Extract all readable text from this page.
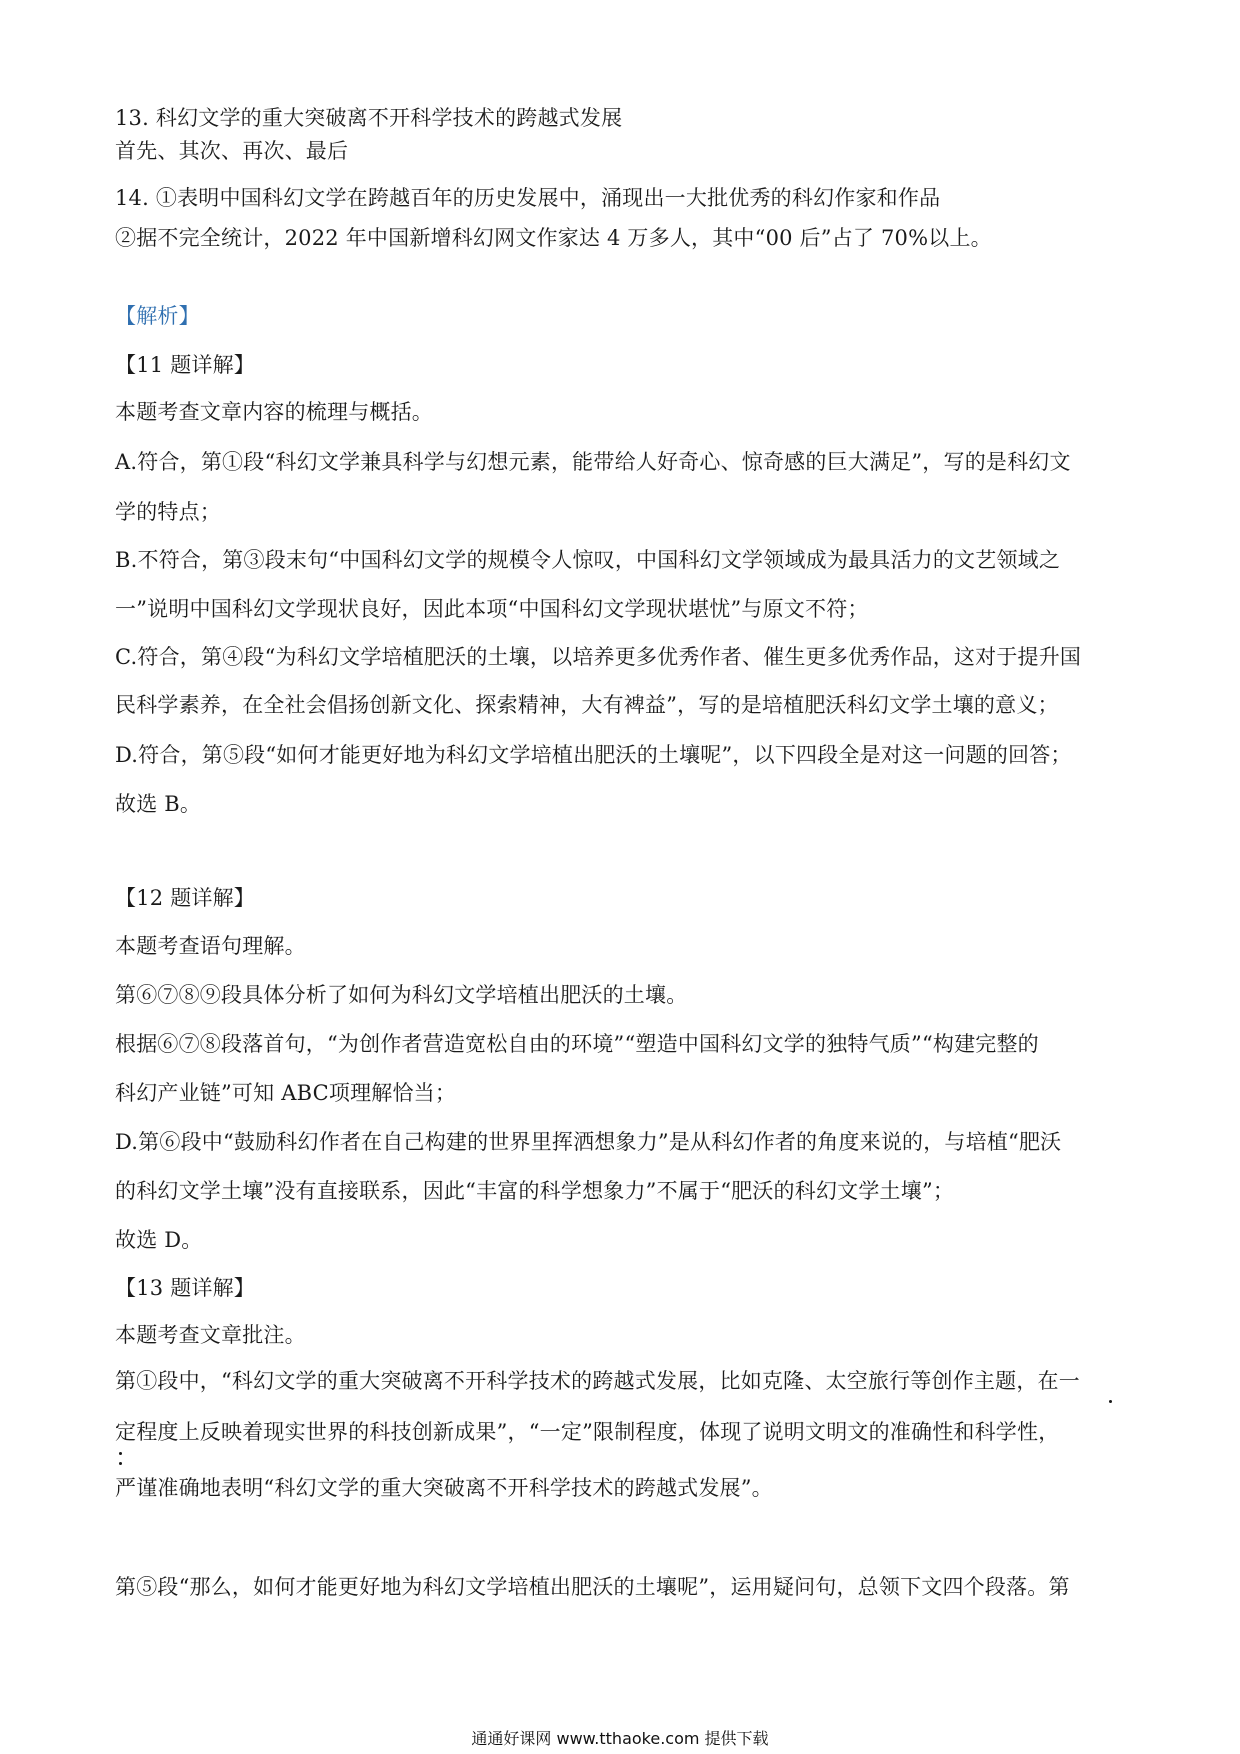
13. 科幻文学的重大突破离不开科学技术的跨越式发展
首先、其次、再次、最后
14. ①表明中国科幻文学在跨越百年的历史发展中，涌现出一大批优秀的科幻作家和作品
②据不完全统计，2022 年中国新增科幻网文作家达 4 万多人，其中“00 后”占了 70%以上。
【解析】
【11 题详解】
本题考查文章内容的梳理与概括。
A.符合，第①段“科幻文学兼具科学与幻想元素，能带给人好奇心、惊奇感的巨大满足”，写的是科幻文
学的特点；
B.不符合，第③段末句“中国科幻文学的规模令人惊叹，中国科幻文学领域成为最具活力的文艺领域之
一”说明中国科幻文学现状良好，因此本项“中国科幻文学现状堪忧”与原文不符；
C.符合，第④段“为科幻文学培植肥沃的土壤，以培养更多优秀作者、催生更多优秀作品，这对于提升国
民科学素养，在全社会倡扬创新文化、探索精神，大有裨益”，写的是培植肥沃科幻文学土壤的意义；
D.符合，第⑤段“如何才能更好地为科幻文学培植出肥沃的土壤呢”，以下四段全是对这一问题的回答；
故选 B。
【12 题详解】
本题考查语句理解。
第⑥⑦⑧⑨段具体分析了如何为科幻文学培植出肥沃的土壤。
根据⑥⑦⑧段落首句，“为创作者营造宽松自由的环境”“塑造中国科幻文学的独特气质”“构建完整的
科幻产业链”可知 ABC项理解恰当；
D.第⑥段中“鼓励科幻作者在自己构建的世界里挥洒想象力”是从科幻作者的角度来说的，与培植“肥沃
的科幻文学土壤”没有直接联系，因此“丰富的科学想象力”不属于“肥沃的科幻文学土壤”；
故选 D。
【13 题详解】
本题考查文章批注。
第①段中，“科幻文学的重大突破离不开科学技术的跨越式发展，比如克隆、太空旅行等创作主题，在一
定程度上反映着现实世界的科技创新成果”，“一定”限制程度，体现了说明文明文的准确性和科学性，
严谨准确地表明“科幻文学的重大突破离不开科学技术的跨越式发展”。
第⑤段“那么，如何才能更好地为科幻文学培植出肥沃的土壤呢”，运用疑问句，总领下文四个段落。第
通通好课网 www.tthaoke.com 提供下载
